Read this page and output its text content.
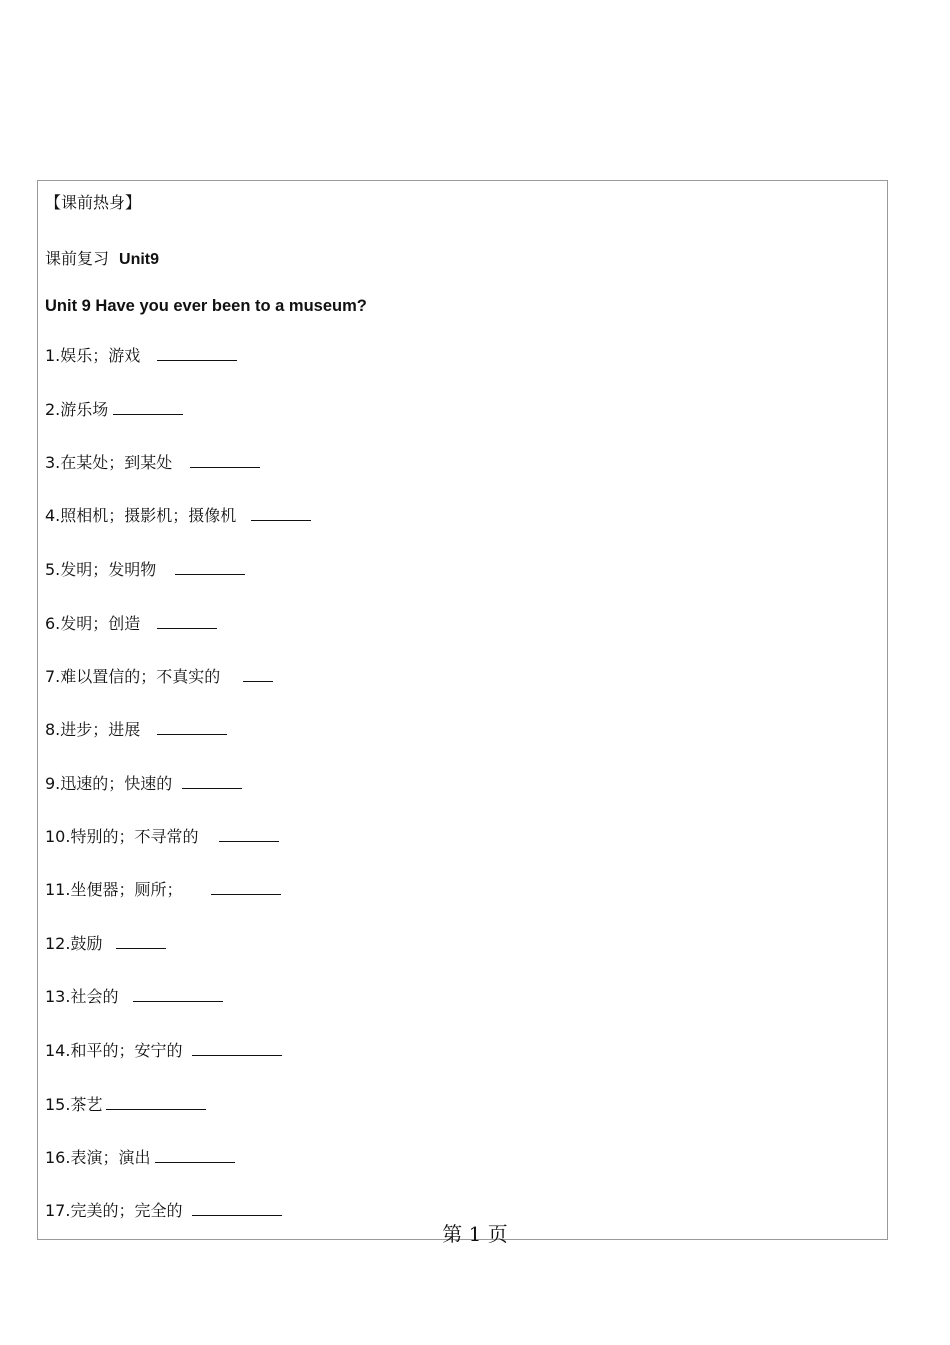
【课前热身】
课前复习 Unit9
Unit 9 Have you ever been to a museum?
1.娱乐；游戏
2.游乐场
3.在某处；到某处
4.照相机；摄影机；摄像机
5.发明；发明物
6.发明；创造
7.难以置信的；不真实的
8.进步；进展
9.迅速的；快速的
10.特别的；不寻常的
11.坐便器；厕所；
12.鼓励
13.社会的
14.和平的；安宁的
15.茶艺
16.表演；演出
17.完美的；完全的
第 1 页
